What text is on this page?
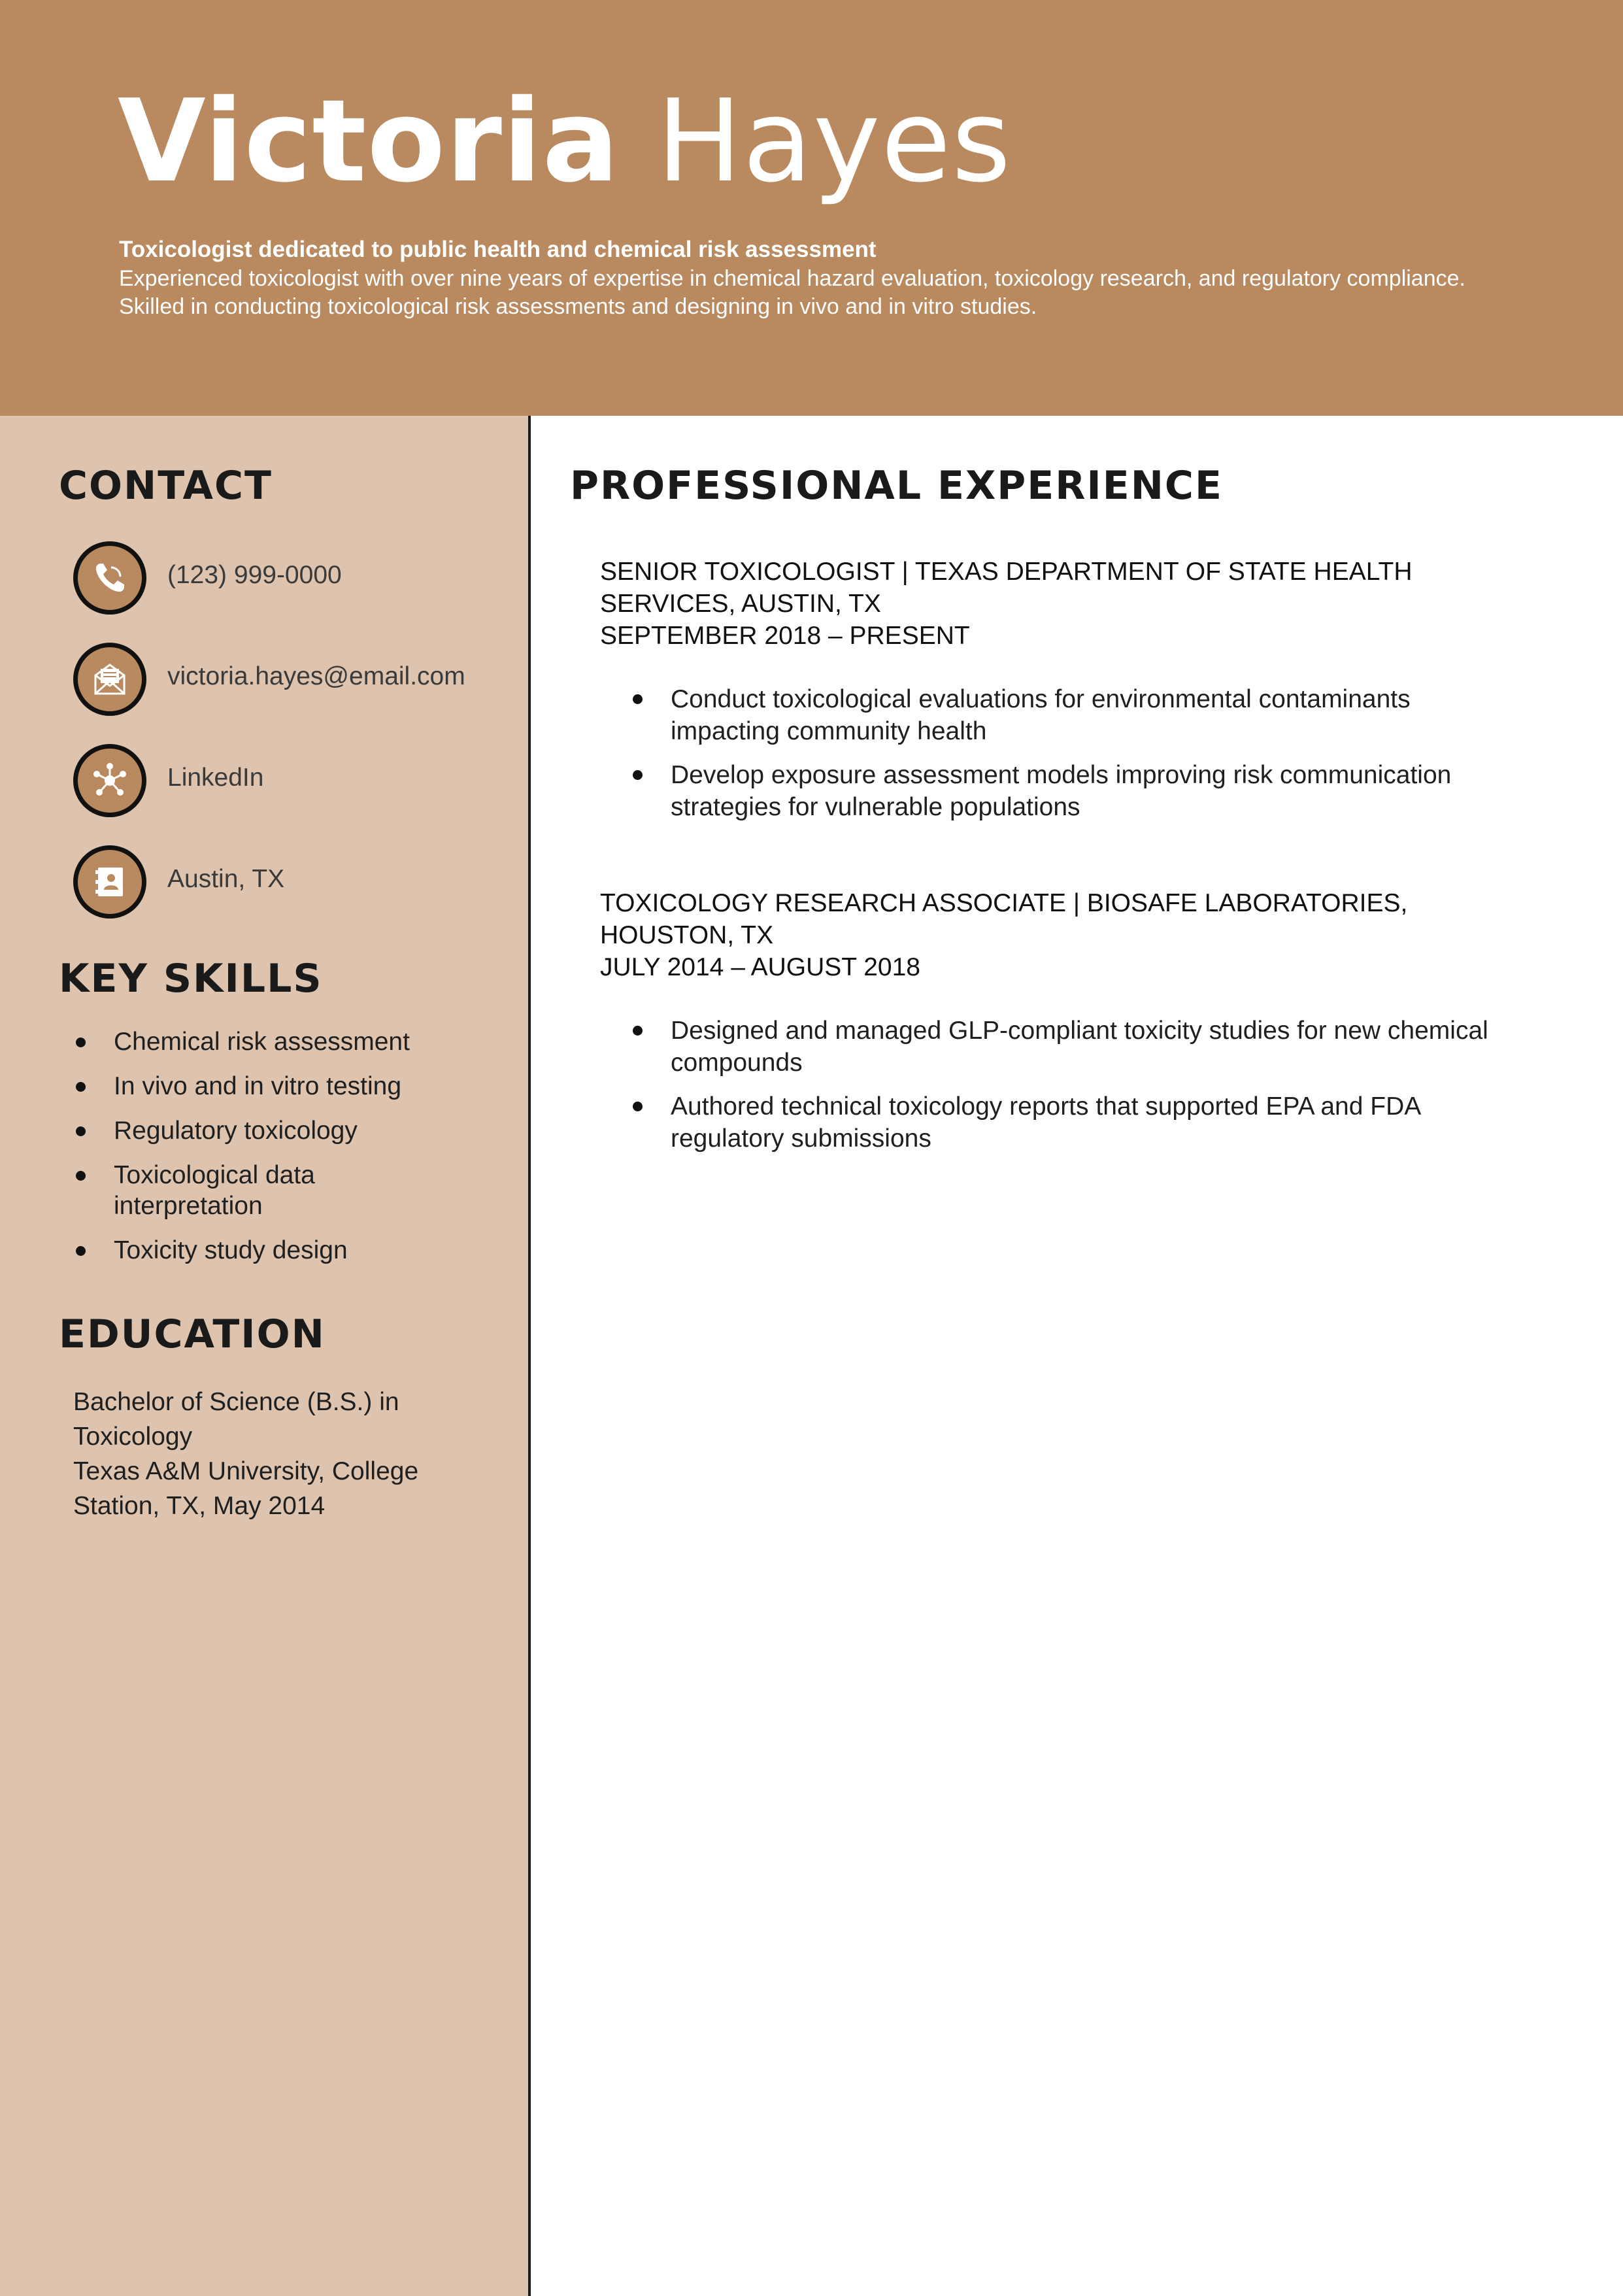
Victoria Hayes
Toxicologist dedicated to public health and chemical risk assessment
Experienced toxicologist with over nine years of expertise in chemical hazard evaluation, toxicology research, and regulatory compliance. Skilled in conducting toxicological risk assessments and designing in vivo and in vitro studies.
CONTACT
(123) 999-0000
victoria.hayes@email.com
LinkedIn
Austin, TX
KEY SKILLS
Chemical risk assessment
In vivo and in vitro testing
Regulatory toxicology
Toxicological data interpretation
Toxicity study design
EDUCATION
Bachelor of Science (B.S.) in Toxicology
Texas A&M University, College Station, TX, May 2014
PROFESSIONAL EXPERIENCE
SENIOR TOXICOLOGIST | TEXAS DEPARTMENT OF STATE HEALTH SERVICES, AUSTIN, TX
SEPTEMBER 2018 – PRESENT
Conduct toxicological evaluations for environmental contaminants impacting community health
Develop exposure assessment models improving risk communication strategies for vulnerable populations
TOXICOLOGY RESEARCH ASSOCIATE | BIOSAFE LABORATORIES, HOUSTON, TX
JULY 2014 – AUGUST 2018
Designed and managed GLP-compliant toxicity studies for new chemical compounds
Authored technical toxicology reports that supported EPA and FDA regulatory submissions
